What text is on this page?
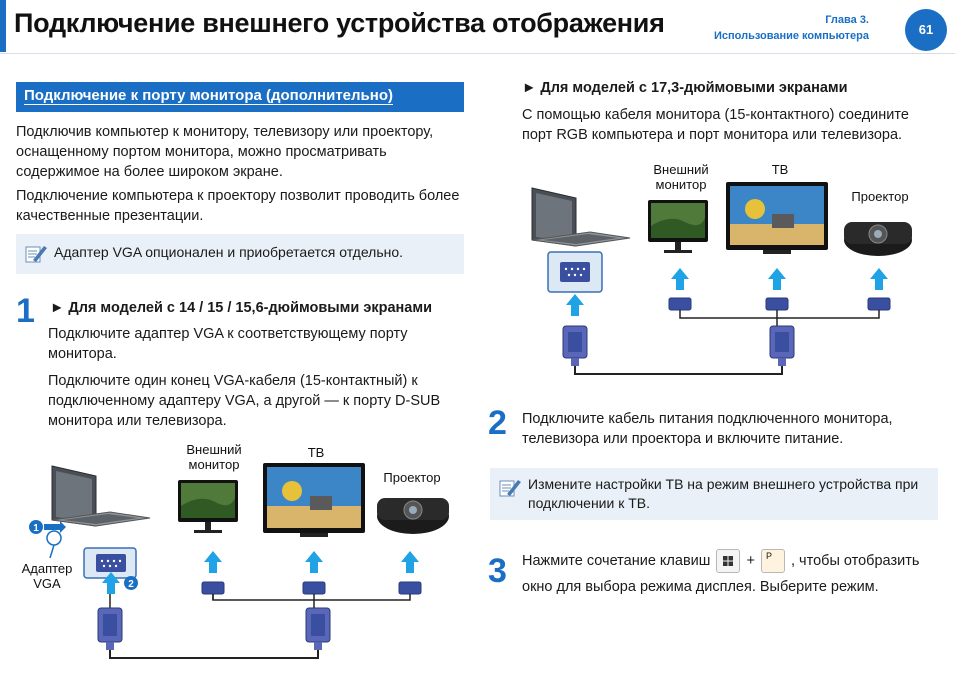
Подключение внешнего устройства отображения	Глава 3.
Использование компьютера	61
Подключение к порту монитора (дополнительно)
Подключив компьютер к монитору, телевизору или проектору, оснащенному портом монитора, можно просматривать содержимое на более широком экране.
Подключение компьютера к проектору позволит проводить более качественные презентации.
Адаптер VGA опционален и приобретается отдельно.
1 ► Для моделей с 14 / 15 / 15,6-дюймовыми экранами
Подключите адаптер VGA к соответствующему порту монитора.
Подключите один конец VGA-кабеля (15-контактный) к подключенному адаптеру VGA, а другой — к порту D-SUB монитора или телевизора.
1
2
Внешний
монитор
ТВ
Проектор
Адаптер
VGA
► Для моделей с 17,3-дюймовыми экранами
С помощью кабеля монитора (15-контактного) соедините порт RGB компьютера и порт монитора или телевизора.
Внешний
монитор
ТВ
Проектор
2 Подключите кабель питания подключенного монитора, телевизора или проектора и включите питание.
Измените настройки ТВ на режим внешнего устройства при подключении к ТВ.
3 Нажмите сочетание клавиш + P , чтобы отобразить
окно для выбора режима дисплея. Выберите режим.
